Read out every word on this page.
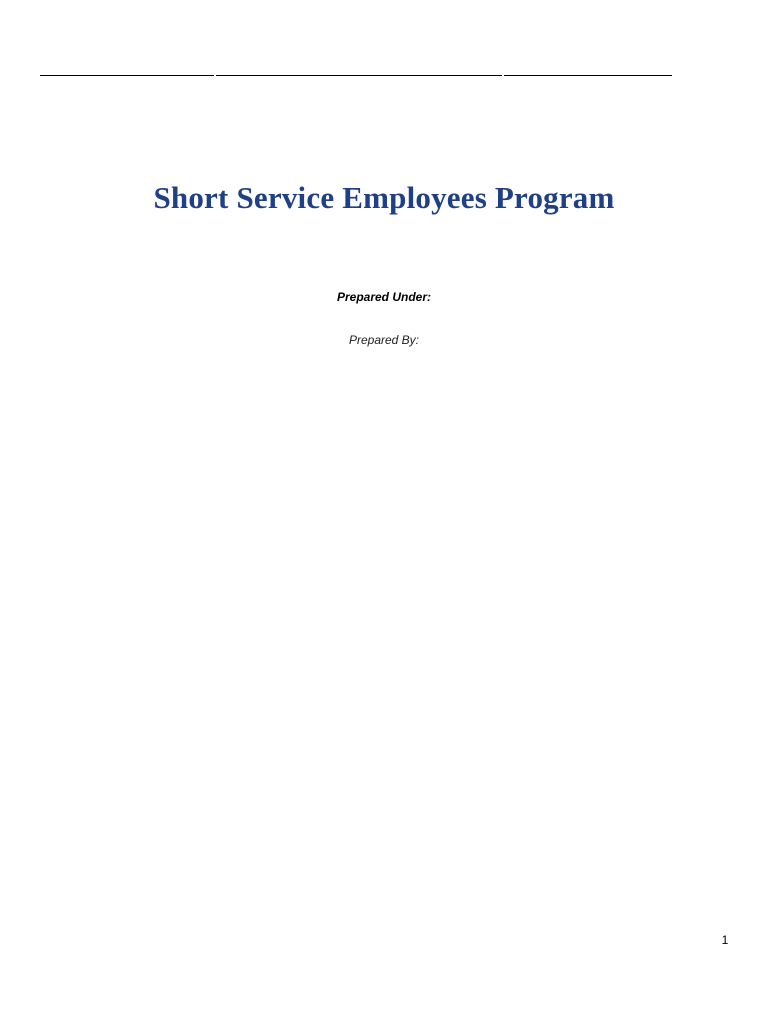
Short Service Employees Program
Prepared Under:
Prepared By:
1
